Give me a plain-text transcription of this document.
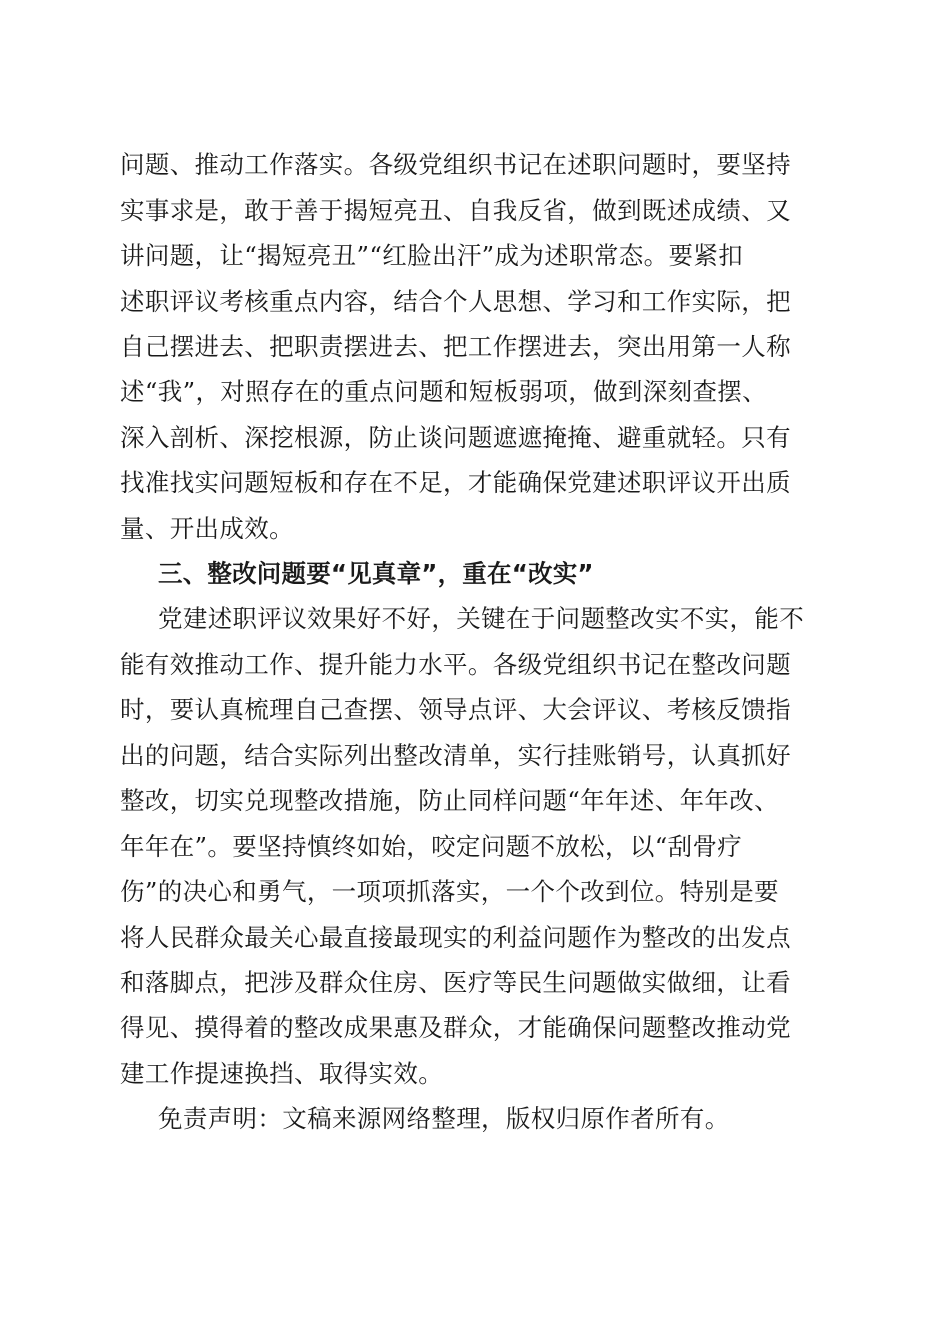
问题、推动工作落实。各级党组织书记在述职问题时，要坚持
实事求是，敢于善于揭短亮丑、自我反省，做到既述成绩、又
讲问题，让“揭短亮丑”“红脸出汗”成为述职常态。要紧扣
述职评议考核重点内容，结合个人思想、学习和工作实际，把
自己摆进去、把职责摆进去、把工作摆进去，突出用第一人称
述“我”，对照存在的重点问题和短板弱项，做到深刻查摆、
深入剖析、深挖根源，防止谈问题遮遮掩掩、避重就轻。只有
找准找实问题短板和存在不足，才能确保党建述职评议开出质
量、开出成效。
三、整改问题要“见真章”，重在“改实”
党建述职评议效果好不好，关键在于问题整改实不实，能不
能有效推动工作、提升能力水平。各级党组织书记在整改问题
时，要认真梳理自己查摆、领导点评、大会评议、考核反馈指
出的问题，结合实际列出整改清单，实行挂账销号，认真抓好
整改，切实兑现整改措施，防止同样问题“年年述、年年改、
年年在”。要坚持慎终如始，咬定问题不放松，以“刮骨疗
伤”的决心和勇气，一项项抓落实，一个个改到位。特别是要
将人民群众最关心最直接最现实的利益问题作为整改的出发点
和落脚点，把涉及群众住房、医疗等民生问题做实做细，让看
得见、摸得着的整改成果惠及群众，才能确保问题整改推动党
建工作提速换挡、取得实效。
免责声明：文稿来源网络整理，版权归原作者所有。
